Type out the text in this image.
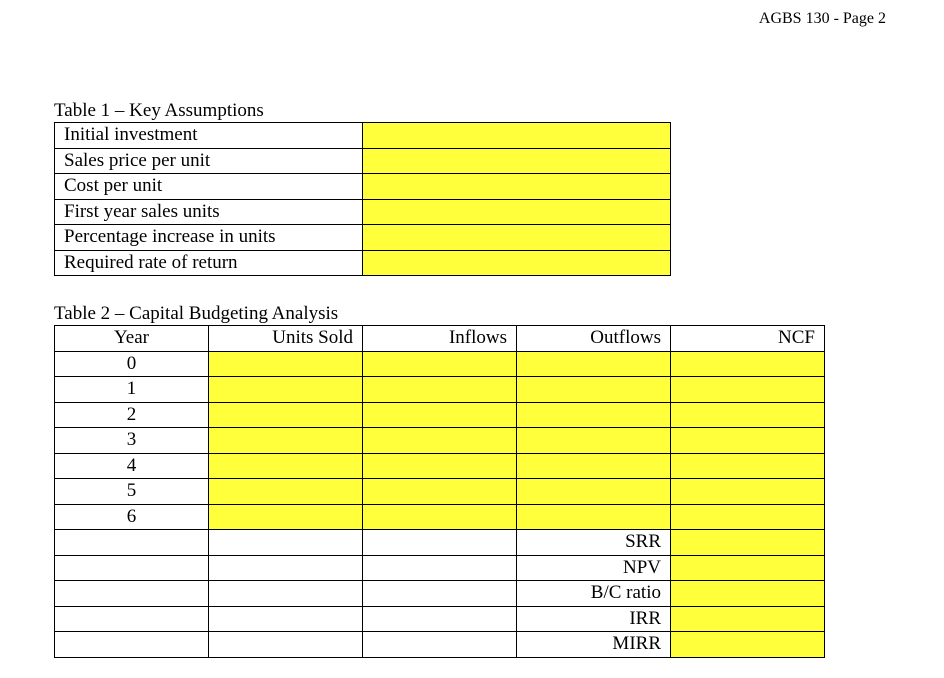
AGBS 130 - Page 2
Table 1 – Key Assumptions
Initial investment	
Sales price per unit	
Cost per unit	
First year sales units	
Percentage increase in units	
Required rate of return	
Table 2 – Capital Budgeting Analysis
Year	Units Sold	Inflows	Outflows	NCF
0				
1				
2				
3				
4				
5				
6				
			SRR	
			NPV	
			B/C ratio	
			IRR	
			MIRR	
